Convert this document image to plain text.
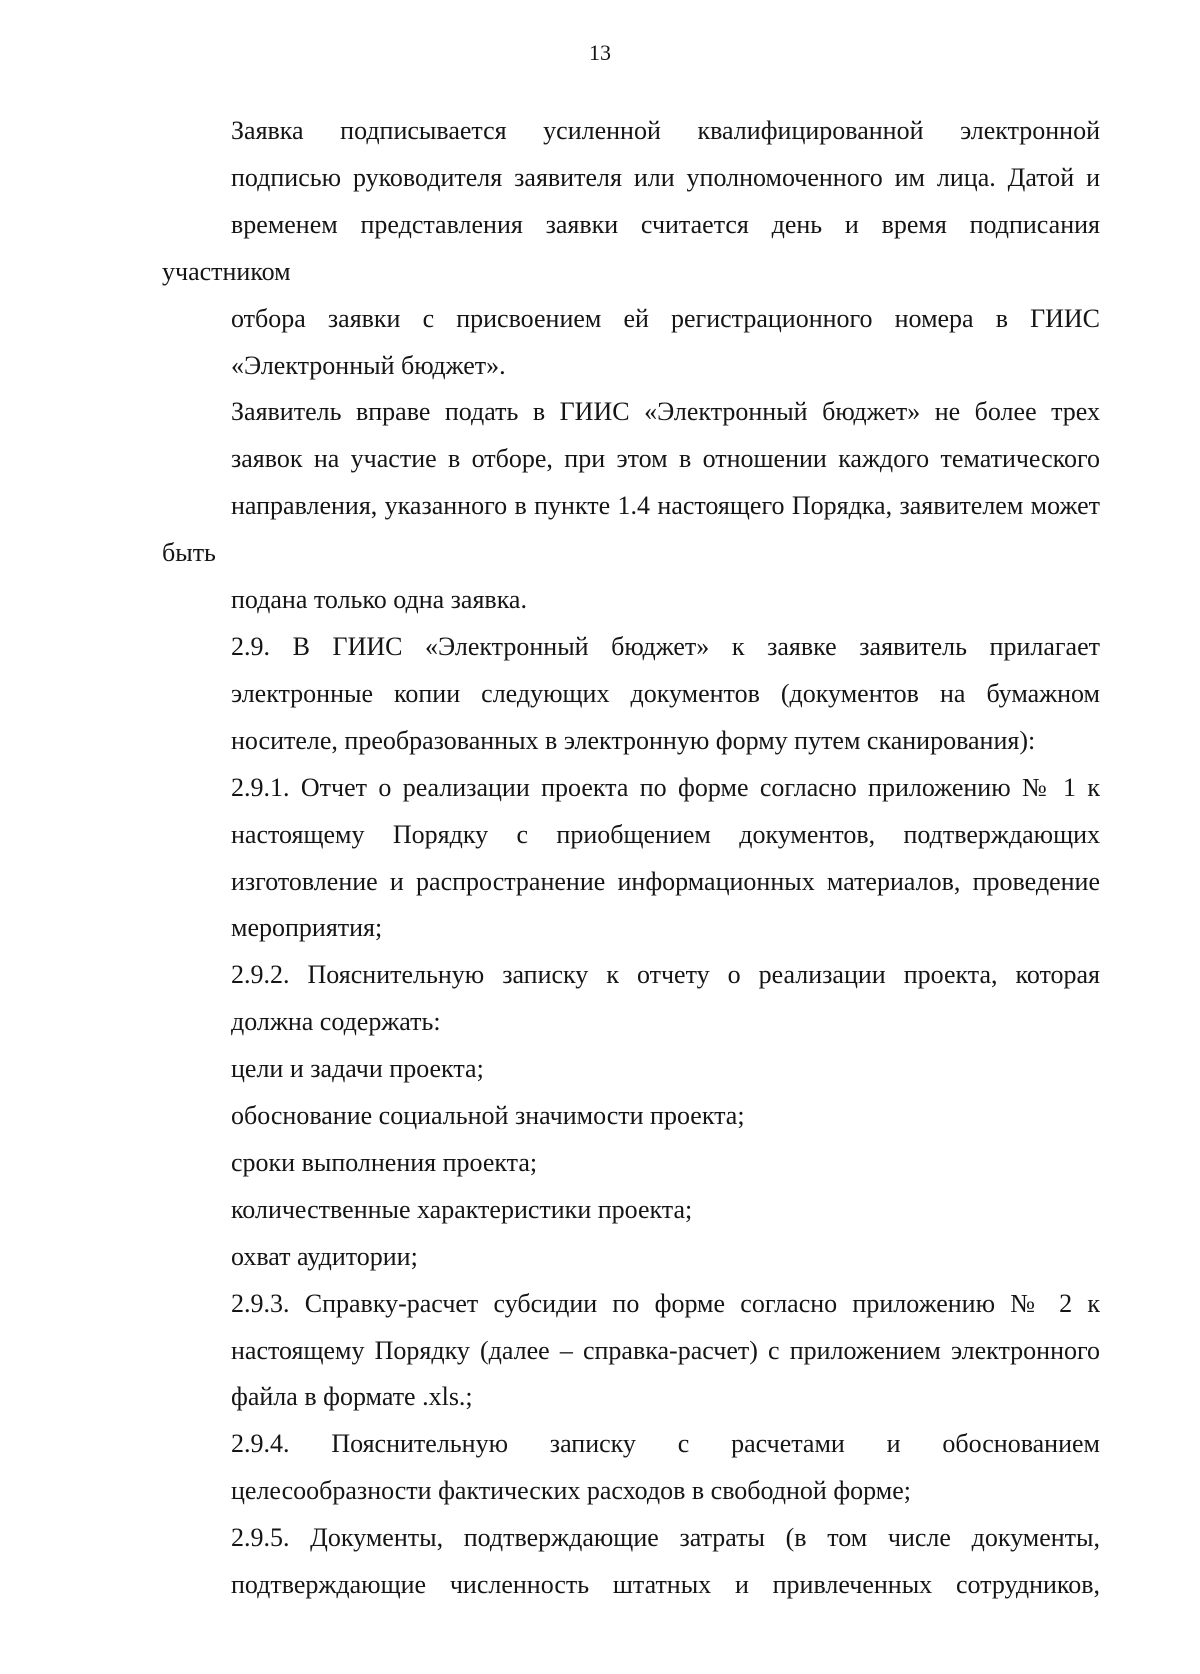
13

Заявка подписывается усиленной квалифицированной электронной
подписью руководителя заявителя или уполномоченного им лица. Датой и
временем представления заявки считается день и время подписания участником
отбора заявки с присвоением ей регистрационного номера в ГИИС
«Электронный бюджет».

Заявитель вправе подать в ГИИС «Электронный бюджет» не более трех
заявок на участие в отборе, при этом в отношении каждого тематического
направления, указанного в пункте 1.4 настоящего Порядка, заявителем может быть
подана только одна заявка.

2.9. В ГИИС «Электронный бюджет» к заявке заявитель прилагает
электронные копии следующих документов (документов на бумажном
носителе, преобразованных в электронную форму путем сканирования):

2.9.1. Отчет о реализации проекта по форме согласно приложению № 1 к
настоящему Порядку с приобщением документов, подтверждающих
изготовление и распространение информационных материалов, проведение
мероприятия;

2.9.2. Пояснительную записку к отчету о реализации проекта, которая
должна содержать:

цели и задачи проекта;

обоснование социальной значимости проекта;

сроки выполнения проекта;

количественные характеристики проекта;

охват аудитории;

2.9.3. Справку-расчет субсидии по форме согласно приложению № 2 к
настоящему Порядку (далее – справка-расчет) с приложением электронного
файла в формате .xls.;

2.9.4. Пояснительную записку с расчетами и обоснованием
целесообразности фактических расходов в свободной форме;

2.9.5. Документы, подтверждающие затраты (в том числе документы,
подтверждающие численность штатных и привлеченных сотрудников,
